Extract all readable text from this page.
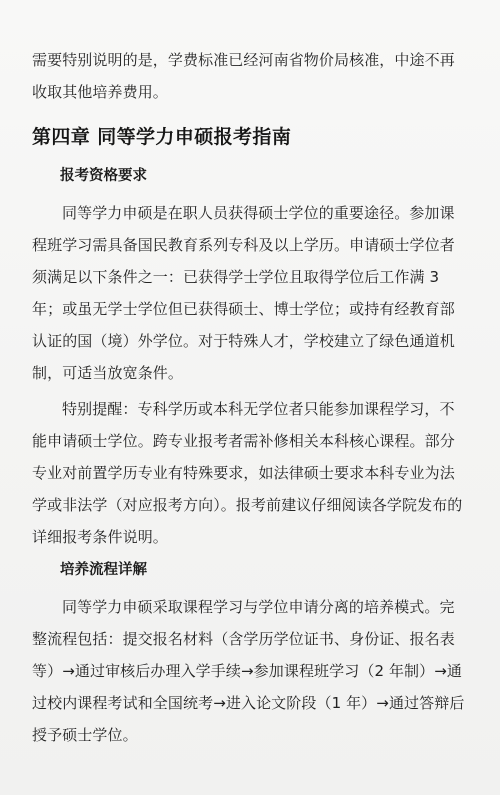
需要特别说明的是，学费标准已经河南省物价局核准，中途不再收取其他培养费用。

第四章 同等学力申硕报考指南
报考资格要求

同等学力申硕是在职人员获得硕士学位的重要途径。参加课程班学习需具备国民教育系列专科及以上学历。申请硕士学位者须满足以下条件之一：已获得学士学位且取得学位后工作满 3 年；或虽无学士学位但已获得硕士、博士学位；或持有经教育部认证的国（境）外学位。对于特殊人才，学校建立了绿色通道机制，可适当放宽条件。

特别提醒：专科学历或本科无学位者只能参加课程学习，不能申请硕士学位。跨专业报考者需补修相关本科核心课程。部分专业对前置学历专业有特殊要求，如法律硕士要求本科专业为法学或非法学（对应报考方向）。报考前建议仔细阅读各学院发布的详细报考条件说明。

培养流程详解

同等学力申硕采取课程学习与学位申请分离的培养模式。完整流程包括：提交报名材料（含学历学位证书、身份证、报名表等）→通过审核后办理入学手续→参加课程班学习（2 年制）→通过校内课程考试和全国统考→进入论文阶段（1 年）→通过答辩后授予硕士学位。
